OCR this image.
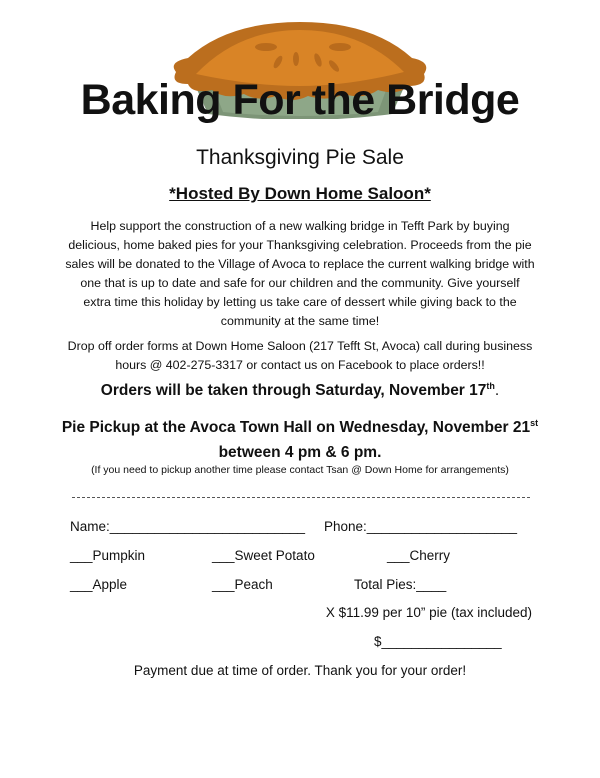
Baking For the Bridge
Thanksgiving Pie Sale
*Hosted By Down Home Saloon*
Help support the construction of a new walking bridge in Tefft Park by buying delicious, home baked pies for your Thanksgiving celebration. Proceeds from the pie sales will be donated to the Village of Avoca to replace the current walking bridge with one that is up to date and safe for our children and the community. Give yourself extra time this holiday by letting us take care of dessert while giving back to the community at the same time!
Drop off order forms at Down Home Saloon (217 Tefft St, Avoca) call during business hours @ 402-275-3317 or contact us on Facebook to place orders!!
Orders will be taken through Saturday, November 17th.
Pie Pickup at the Avoca Town Hall on Wednesday, November 21st between 4 pm & 6 pm.
(If you need to pickup another time please contact Tsan @ Down Home for arrangements)
Name:__________________________ Phone:____________________
___Pumpkin	___Sweet Potato	___Cherry
___Apple	___Peach	Total Pies:____
X $11.99 per 10” pie (tax included)
$________________
Payment due at time of order. Thank you for your order!
